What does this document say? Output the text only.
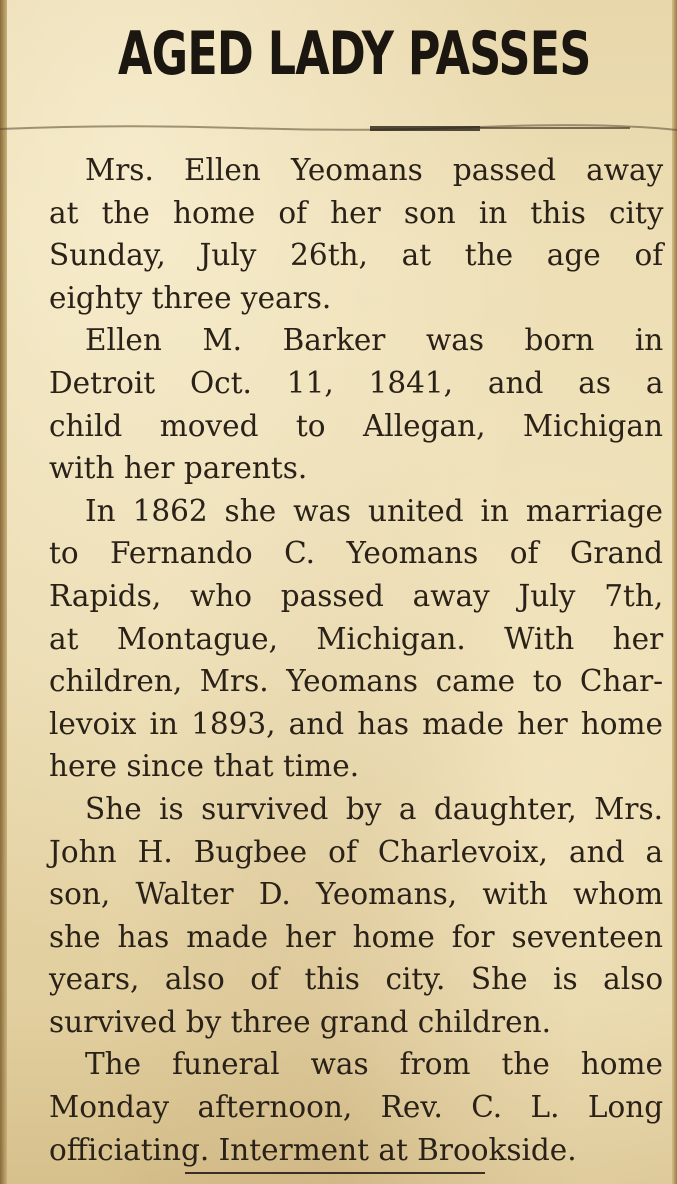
AGED LADY PASSES
Mrs. Ellen Yeomans passed away
at the home of her son in this city
Sunday, July 26th, at the age of
eighty three years.
Ellen M. Barker was born in
Detroit Oct. 11, 1841, and as a
child moved to Allegan, Michigan
with her parents.
In 1862 she was united in marriage
to Fernando C. Yeomans of Grand
Rapids, who passed away July 7th,
at Montague, Michigan. With her
children, Mrs. Yeomans came to Char-
levoix in 1893, and has made her home
here since that time.
She is survived by a daughter, Mrs.
John H. Bugbee of Charlevoix, and a
son, Walter D. Yeomans, with whom
she has made her home for seventeen
years, also of this city. She is also
survived by three grand children.
The funeral was from the home
Monday afternoon, Rev. C. L. Long
officiating. Interment at Brookside.
